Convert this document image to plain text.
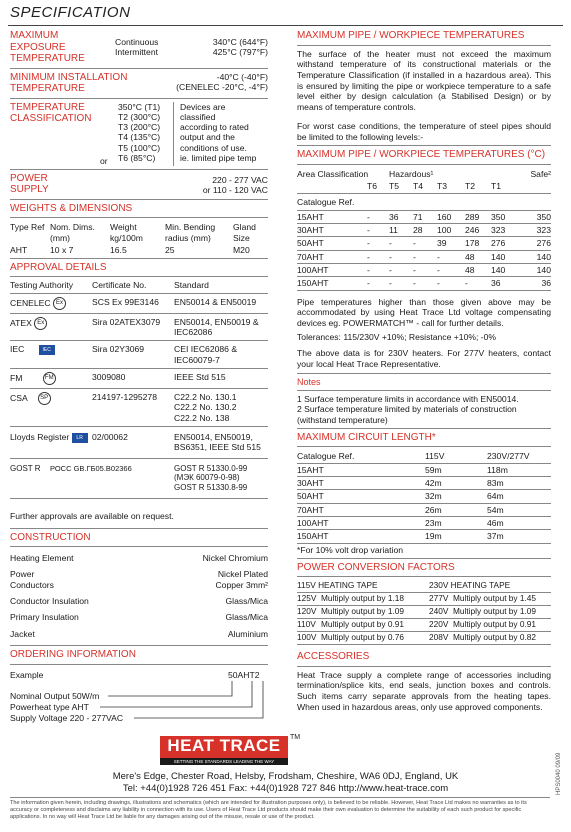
SPECIFICATION
MAXIMUM EXPOSURE TEMPERATURE
Continuous	340°C (644°F)
Intermittent	425°C (797°F)
MINIMUM INSTALLATION TEMPERATURE
-40°C (-40°F)
(CENELEC -20°C, -4°F)
TEMPERATURE CLASSIFICATION
or
350°C (T1)
T2 (300°C)
T3 (200°C)
T4 (135°C)
T5 (100°C)
T6 (85°C)
Devices are
classified
according to rated
output and the
conditions of use.
ie. limited pipe temp
POWER SUPPLY
220 - 277 VAC
or 110 - 120 VAC
WEIGHTS & DIMENSIONS
Type Ref	Nom. Dims. (mm)	Weight kg/100m	Min. Bending radius (mm)	Gland Size
AHT	10 x 7	16.5	25	M20
APPROVAL DETAILS
Testing Authority	Certificate No.	Standard
CENELEC Ex	SCS Ex 99E3146	EN50014 & EN50019
ATEX Ex	Sira 02ATEX3079	EN50014, EN50019 &
IEC62086

IEC IEC	Sira 02Y3069	CEI IEC62086 &
IEC60079-7

FM FM	3009080	IEEE Std 515
CSA SP	214197-1295278	C22.2 No. 130.1
C22.2 No. 130.2
C22.2 No. 138

Lloyds Register LR	02/00062	EN50014, EN50019,
BS6351, IEEE Std 515
GOST R	РОСС GB.ГБ05.В02366	GOST R 51330.0-99
(МЭК 60079-0-98)
GOST R 51330.8-99
Further approvals are available on request.
CONSTRUCTION
Heating Element	Nickel Chromium
Power Conductors
Nickel Plated
Copper 3mm²
Conductor Insulation	Glass/Mica
Primary Insulation	Glass/Mica
Jacket	Aluminium
ORDERING INFORMATION
Example	50AHT2
Nominal Output 50W/m
Powerheat type AHT
Supply Voltage 220 - 277VAC
MAXIMUM PIPE / WORKPIECE TEMPERATURES
The surface of the heater must not exceed the maximum withstand temperature of its constructional materials or the Temperature Classification (if installed in a hazardous area). This is ensured by limiting the pipe or workpiece temperature to a safe level either by design calculation (a Stabilised Design) or by means of temperature controls.
For worst case conditions, the temperature of steel pipes should be limited to the following levels:-
MAXIMUM PIPE / WORKPIECE TEMPERATURES (°C)
Area Classification		Hazardous¹					Safe²
	T6	T5	T4	T3	T2	T1	
Catalogue Ref.							
15AHT	-	36	71	160	289	350	350
30AHT	-	11	28	100	246	323	323
50AHT	-	-	-	39	178	276	276
70AHT	-	-	-	-	48	140	140
100AHT	-	-	-	-	48	140	140
150AHT	-	-	-	-	-	36	36
Pipe temperatures higher than those given above may be accommodated by using Heat Trace Ltd voltage compensating devices eg. POWERMATCH™ - call for further details.
Tolerances: 115/230V +10%; Resistance +10%; -0%
The above data is for 230V heaters. For 277V heaters, contact your local Heat Trace Representative.
Notes
1 Surface temperature limits in accordance with EN50014.
2 Surface temperature limited by materials of construction (withstand temperature)
MAXIMUM CIRCUIT LENGTH*
Catalogue Ref.	115V	230V/277V
15AHT	59m	118m
30AHT	42m	83m
50AHT	32m	64m
70AHT	26m	54m
100AHT	23m	46m
150AHT	19m	37m
*For 10% volt drop variation
POWER CONVERSION FACTORS
115V HEATING TAPE		230V HEATING TAPE	
125V	Multiply output by 1.18	277V	Multiply output by 1.45
120V	Multiply output by 1.09	240V	Multiply output by 1.09
110V	Multiply output by 0.91	220V	Multiply output by 0.91
100V	Multiply output by 0.76	208V	Multiply output by 0.82
ACCESSORIES
Heat Trace supply a complete range of accessories including termination/splice kits, end seals, junction boxes and controls. Such items carry separate approvals from the heating tapes. When used in hazardous areas, only use approved components.
HEAT TRACE
SETTING THE STANDARDS LEADING THE WAY
TM
Mere's Edge, Chester Road, Helsby, Frodsham, Cheshire, WA6 0DJ, England, UK
Tel: +44(0)1928 726 451 Fax: +44(0)1928 727 846 http://www.heat-trace.com
The information given herein, including drawings, illustrations and schematics (which are intended for illustration purposes only), is believed to be reliable. However, Heat Trace Ltd makes no warranties as to its accuracy or completeness and disclaims any liability in connection with its use. Users of Heat Trace Ltd products should make their own evaluation to determine the suitability of each such product for specific applications. In no way will Heat Trace Ltd be liable for any damages arising out of the misuse, resale or use of the product.
HPS0040 09/09
